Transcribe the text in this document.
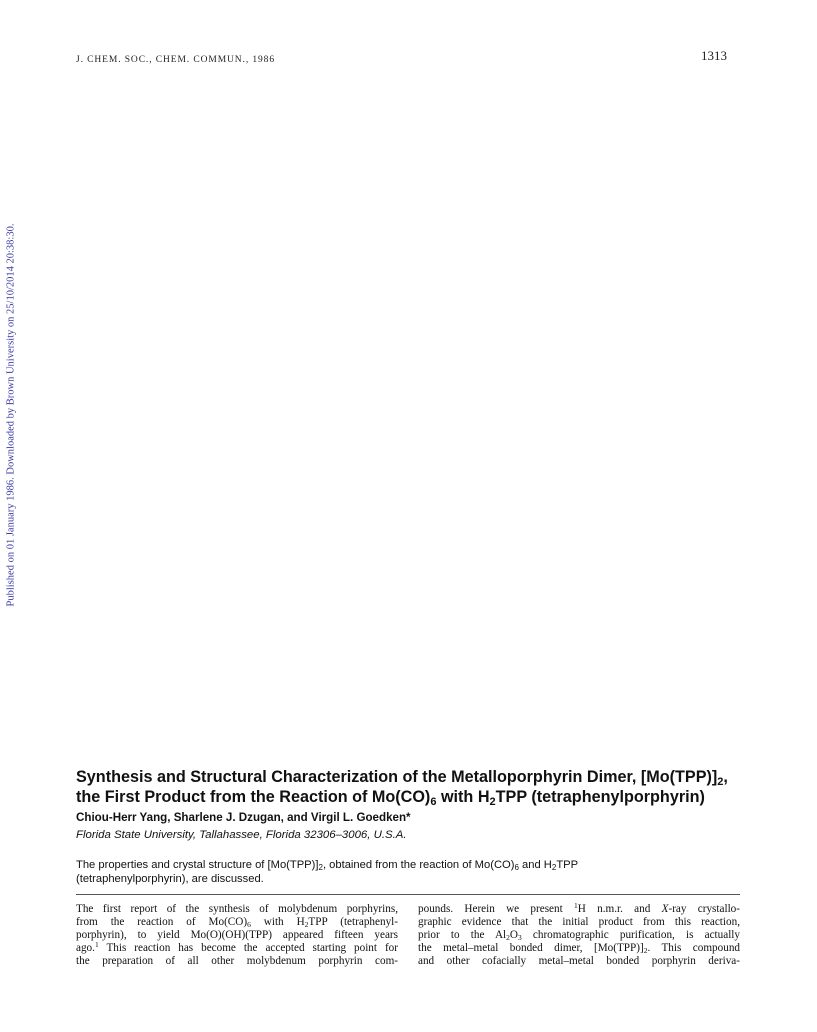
J. CHEM. SOC., CHEM. COMMUN., 1986	1313
Published on 01 January 1986. Downloaded by Brown University on 25/10/2014 20:38:30.
Synthesis and Structural Characterization of the Metalloporphyrin Dimer, $[Mo(TPP)]_2$,
the First Product from the Reaction of $Mo(CO)_6$ with $H_2TPP$ (tetraphenylporphyrin)
Chiou-Herr Yang, Sharlene J. Dzugan, and Virgil L. Goedken*
Florida State University, Tallahassee, Florida 32306–3006, U.S.A.
The properties and crystal structure of $[Mo(TPP)]_2$, obtained from the reaction of $Mo(CO)_6$ and $H_2TPP$
(tetraphenylporphyrin), are discussed.

The first report of the synthesis of molybdenum porphyrins,

from the reaction of $Mo(CO)_6$ with $H_2TPP$ (tetraphenyl-

porphyrin), to yield Mo(O)(OH)(TPP) appeared fifteen years

ago.$^1$ This reaction has become the accepted starting point for

the preparation of all other molybdenum porphyrin com-

pounds. Herein we present $^1$H n.m.r. and X-ray crystallo-

graphic evidence that the initial product from this reaction,

prior to the $Al_2O_3$ chromatographic purification, is actually

the metal–metal bonded dimer, $[Mo(TPP)]_2$. This compound

and other cofacially metal–metal bonded porphyrin deriva-
